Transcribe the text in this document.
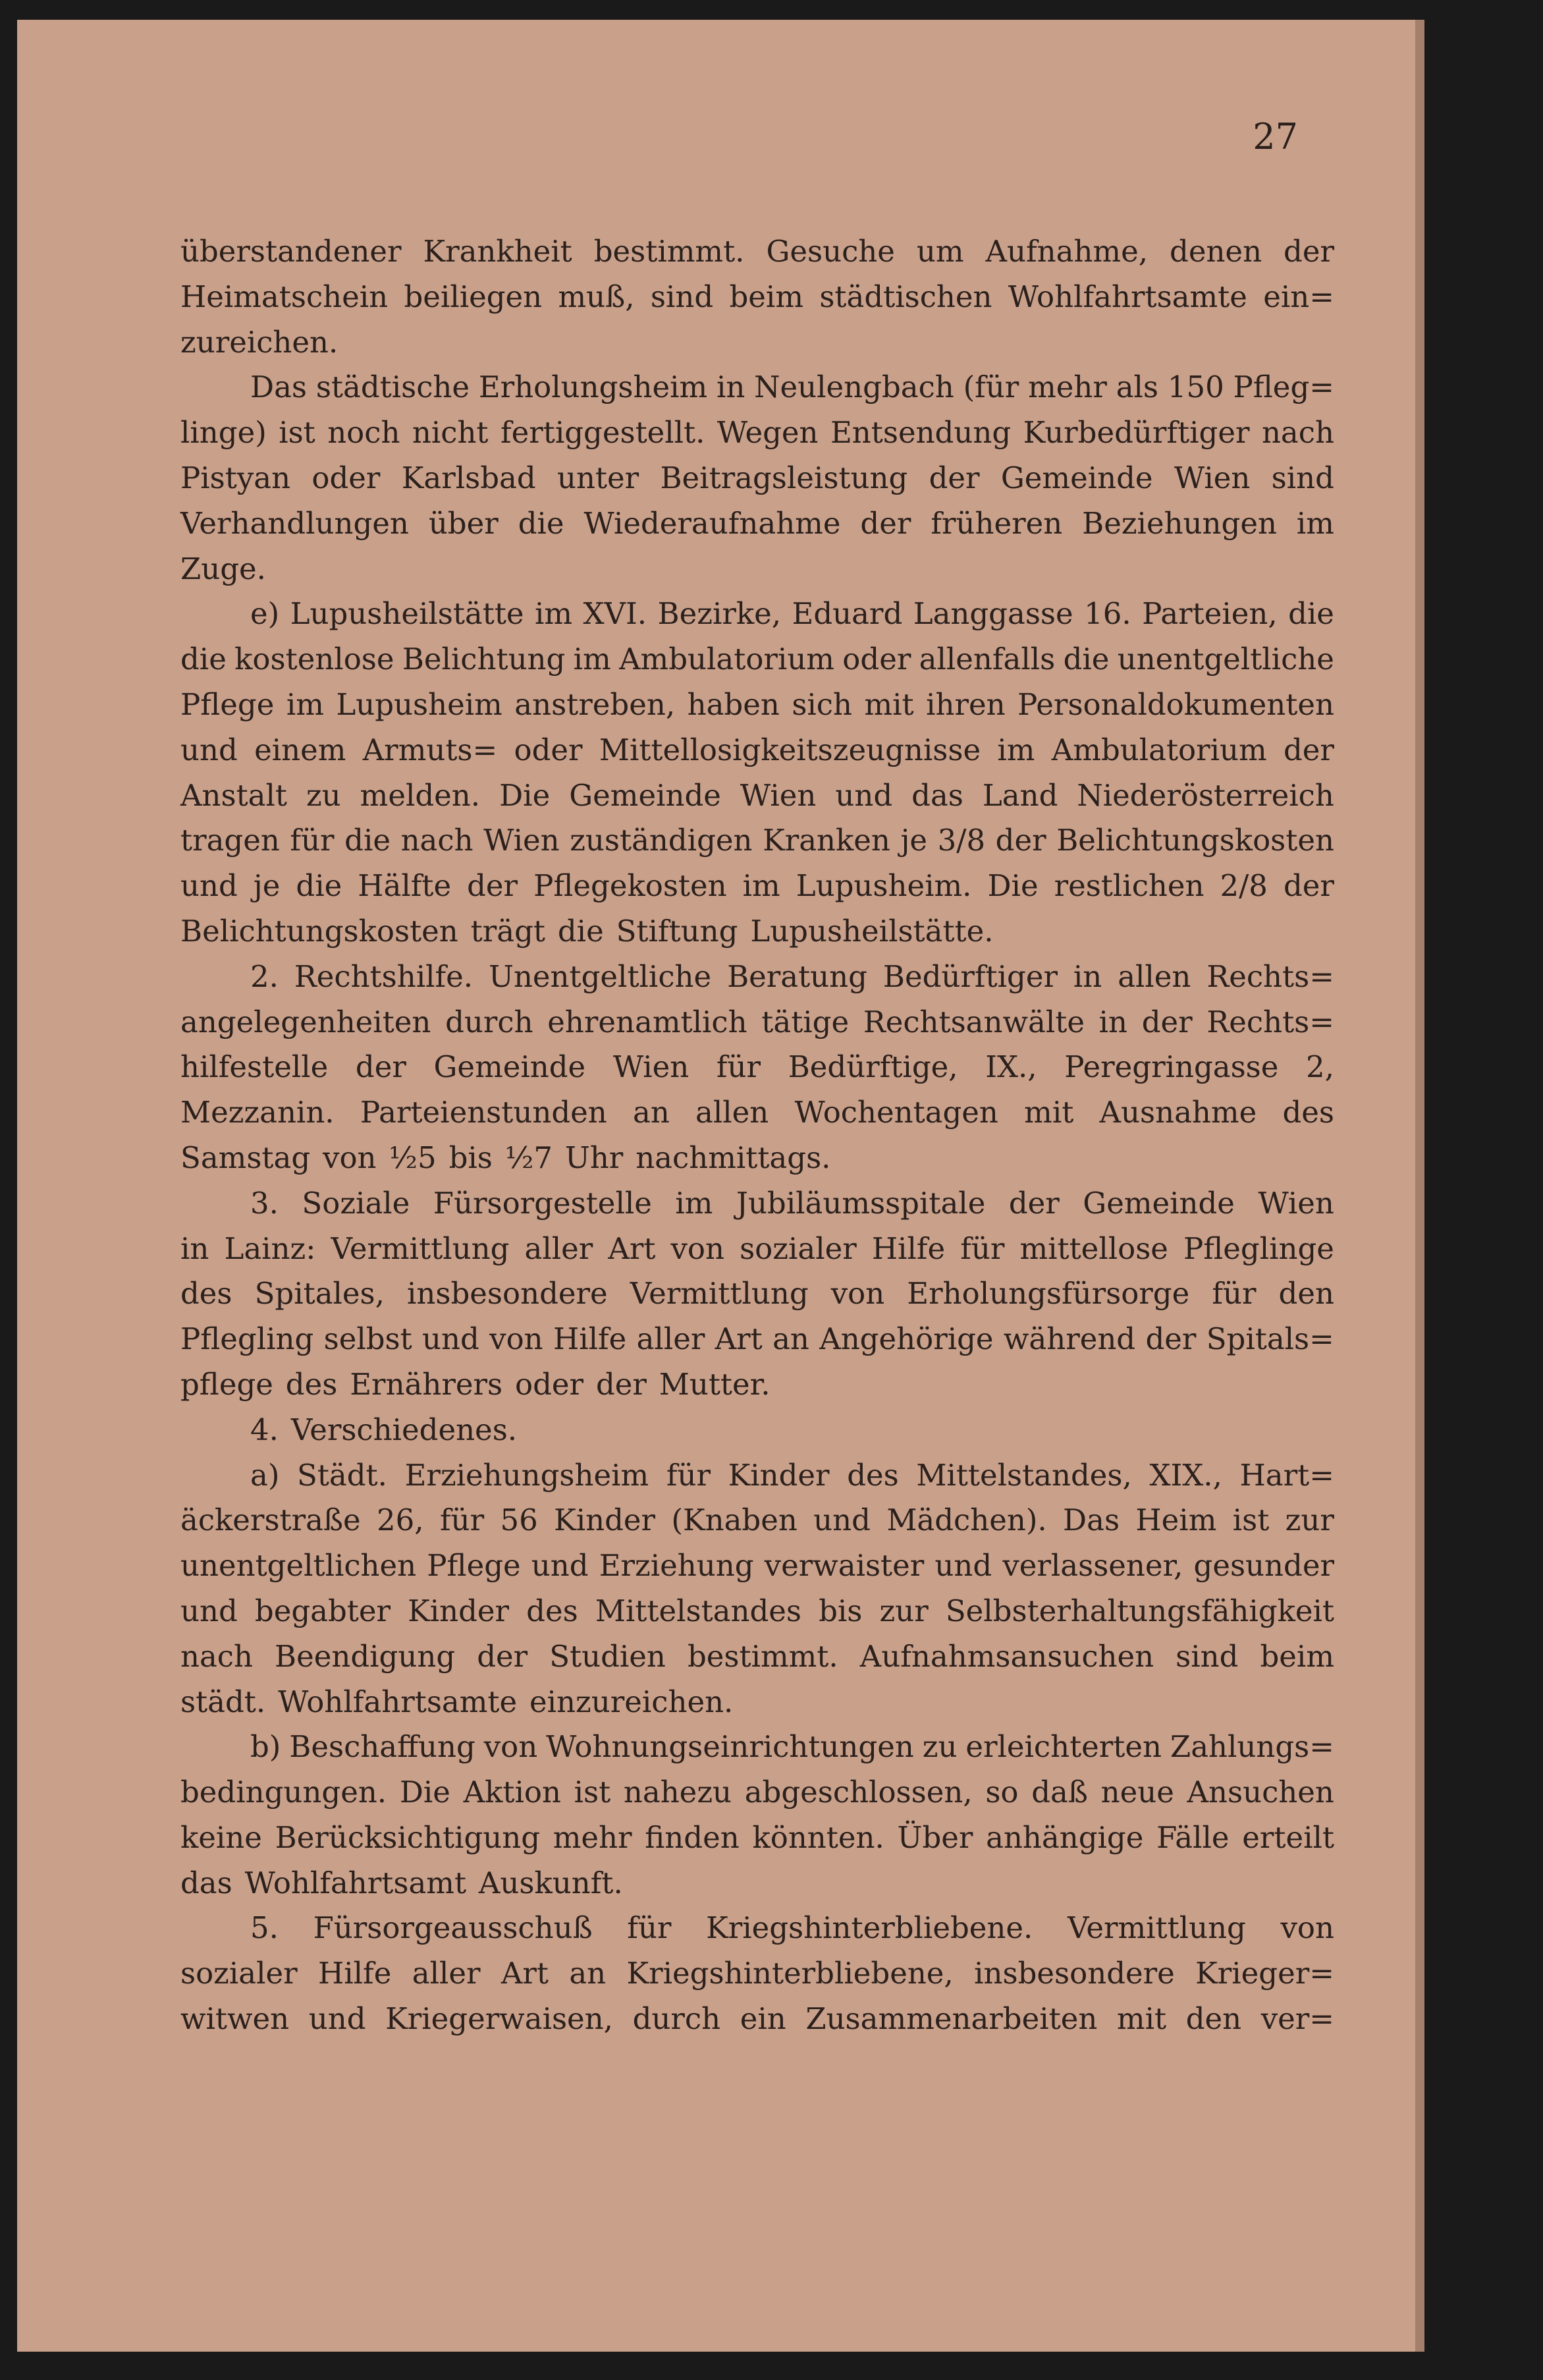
27
überstandener Krankheit bestimmt. Gesuche um Aufnahme, denen der
Heimatschein beiliegen muß, sind beim städtischen Wohlfahrtsamte ein=
zureichen.
Das städtische Erholungsheim in Neulengbach (für mehr als 150 Pfleg=
linge) ist noch nicht fertiggestellt. Wegen Entsendung Kurbedürftiger nach
Pistyan oder Karlsbad unter Beitragsleistung der Gemeinde Wien sind
Verhandlungen über die Wiederaufnahme der früheren Beziehungen im
Zuge.
e) Lupusheilstätte im XVI. Bezirke, Eduard Langgasse 16. Parteien, die
die kostenlose Belichtung im Ambulatorium oder allenfalls die unentgeltliche
Pflege im Lupusheim anstreben, haben sich mit ihren Personaldokumenten
und einem Armuts= oder Mittellosigkeitszeugnisse im Ambulatorium der
Anstalt zu melden. Die Gemeinde Wien und das Land Niederösterreich
tragen für die nach Wien zuständigen Kranken je 3/8 der Belichtungskosten
und je die Hälfte der Pflegekosten im Lupusheim. Die restlichen 2/8 der
Belichtungskosten trägt die Stiftung Lupusheilstätte.
2. Rechtshilfe. Unentgeltliche Beratung Bedürftiger in allen Rechts=
angelegenheiten durch ehrenamtlich tätige Rechtsanwälte in der Rechts=
hilfestelle der Gemeinde Wien für Bedürftige, IX., Peregringasse 2,
Mezzanin. Parteienstunden an allen Wochentagen mit Ausnahme des
Samstag von ½5 bis ½7 Uhr nachmittags.
3. Soziale Fürsorgestelle im Jubiläumsspitale der Gemeinde Wien
in Lainz: Vermittlung aller Art von sozialer Hilfe für mittellose Pfleglinge
des Spitales, insbesondere Vermittlung von Erholungsfürsorge für den
Pflegling selbst und von Hilfe aller Art an Angehörige während der Spitals=
pflege des Ernährers oder der Mutter.
4. Verschiedenes.
a) Städt. Erziehungsheim für Kinder des Mittelstandes, XIX., Hart=
äckerstraße 26, für 56 Kinder (Knaben und Mädchen). Das Heim ist zur
unentgeltlichen Pflege und Erziehung verwaister und verlassener, gesunder
und begabter Kinder des Mittelstandes bis zur Selbsterhaltungsfähigkeit
nach Beendigung der Studien bestimmt. Aufnahmsansuchen sind beim
städt. Wohlfahrtsamte einzureichen.
b) Beschaffung von Wohnungseinrichtungen zu erleichterten Zahlungs=
bedingungen. Die Aktion ist nahezu abgeschlossen, so daß neue Ansuchen
keine Berücksichtigung mehr finden könnten. Über anhängige Fälle erteilt
das Wohlfahrtsamt Auskunft.
5. Fürsorgeausschuß für Kriegshinterbliebene. Vermittlung von
sozialer Hilfe aller Art an Kriegshinterbliebene, insbesondere Krieger=
witwen und Kriegerwaisen, durch ein Zusammenarbeiten mit den ver=
